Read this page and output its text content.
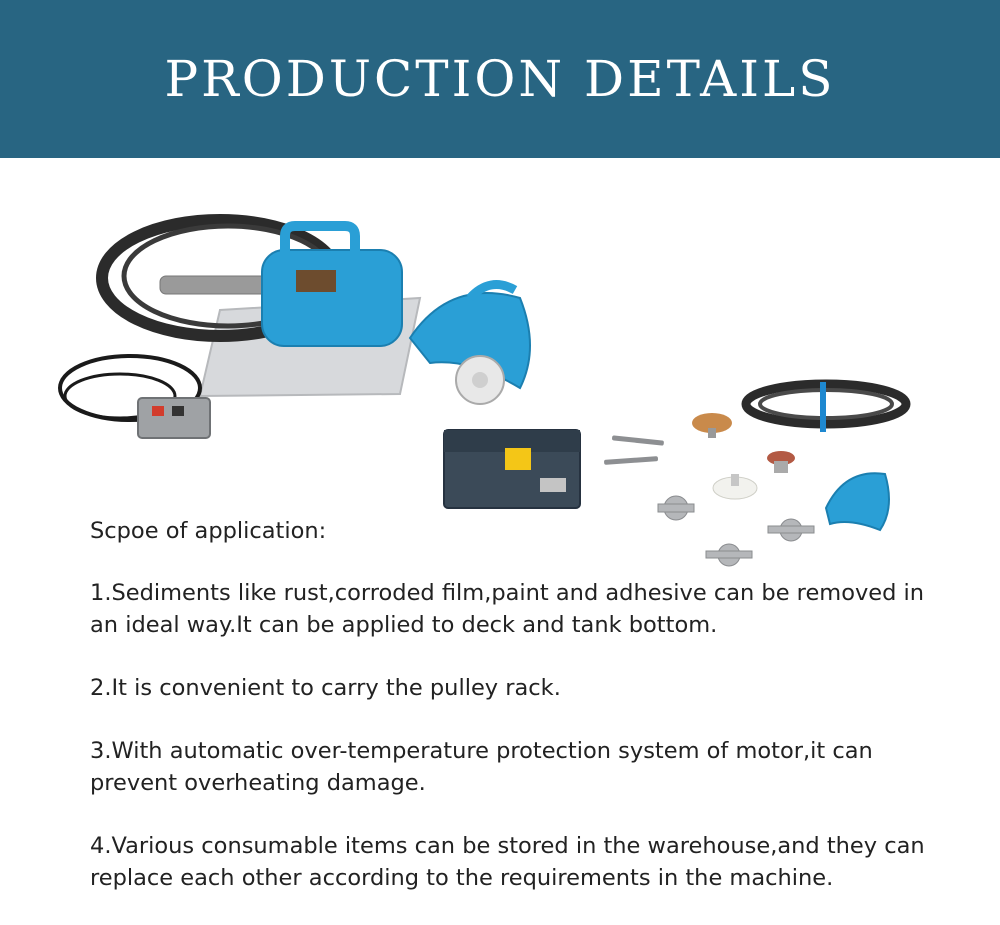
PRODUCTION DETAILS

Scpoe of application:

1.Sediments like rust,corroded film,paint and adhesive can be removed in an ideal way.It can be applied to deck and tank bottom.

2.It is convenient to carry the pulley rack.

3.With automatic over-temperature protection system of motor,it can prevent overheating damage.

4.Various consumable items can be stored in the warehouse,and they can replace each other according to the requirements in the machine.
